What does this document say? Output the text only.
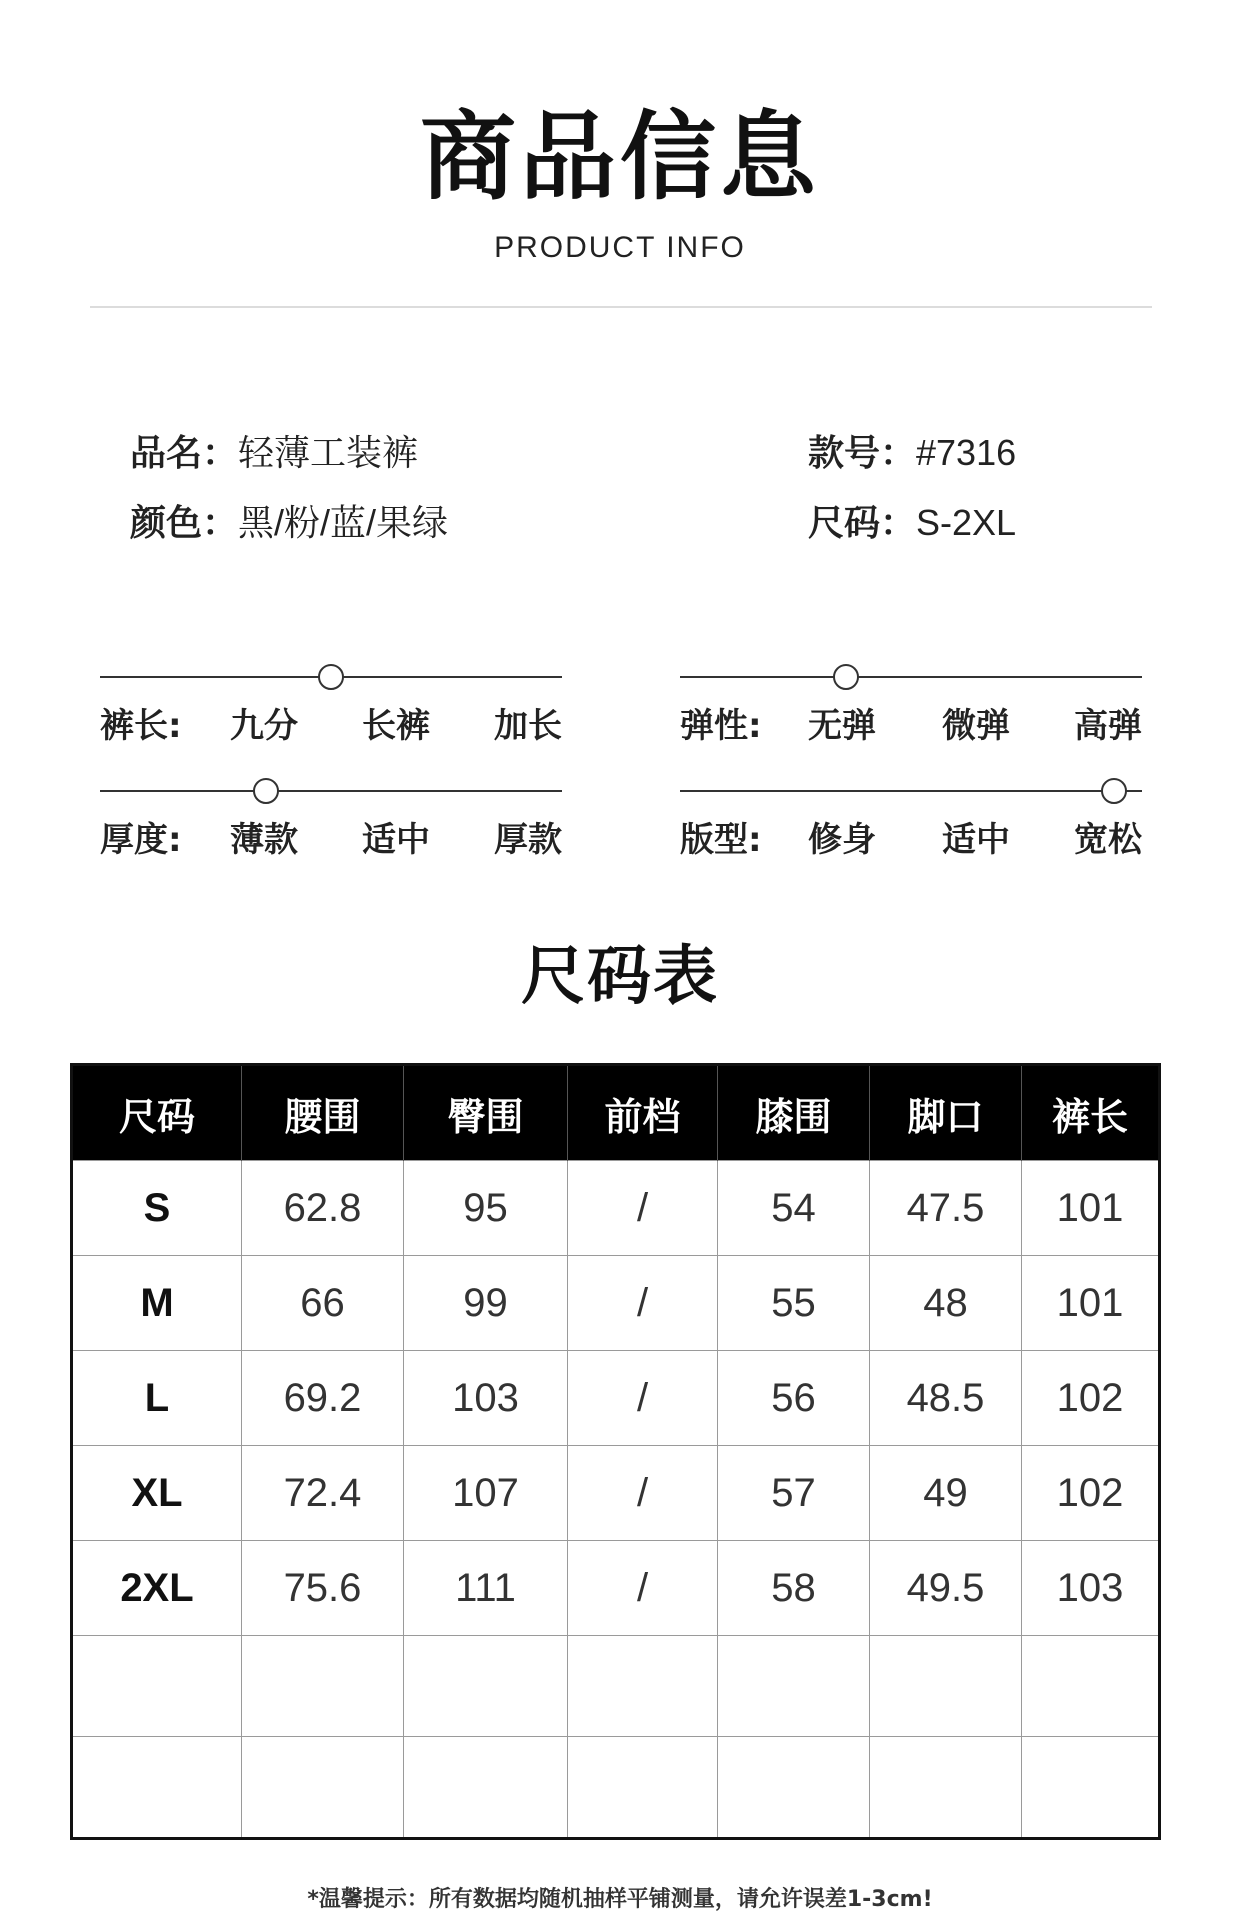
商品信息
PRODUCT INFO
品名：轻薄工装裤	款号：#7316
颜色：黑/粉/蓝/果绿	尺码：S-2XL
裤长: 九分 长裤 加长	弹性: 无弹 微弹 高弹
厚度: 薄款 适中 厚款	版型: 修身 适中 宽松
尺码表
尺码	腰围	臀围	前档	膝围	脚口	裤长
S	62.8	95	/	54	47.5	101
M	66	99	/	55	48	101
L	69.2	103	/	56	48.5	102
XL	72.4	107	/	57	49	102
2XL	75.6	111	/	58	49.5	103

*温馨提示：所有数据均随机抽样平铺测量，请允许误差1-3cm!
